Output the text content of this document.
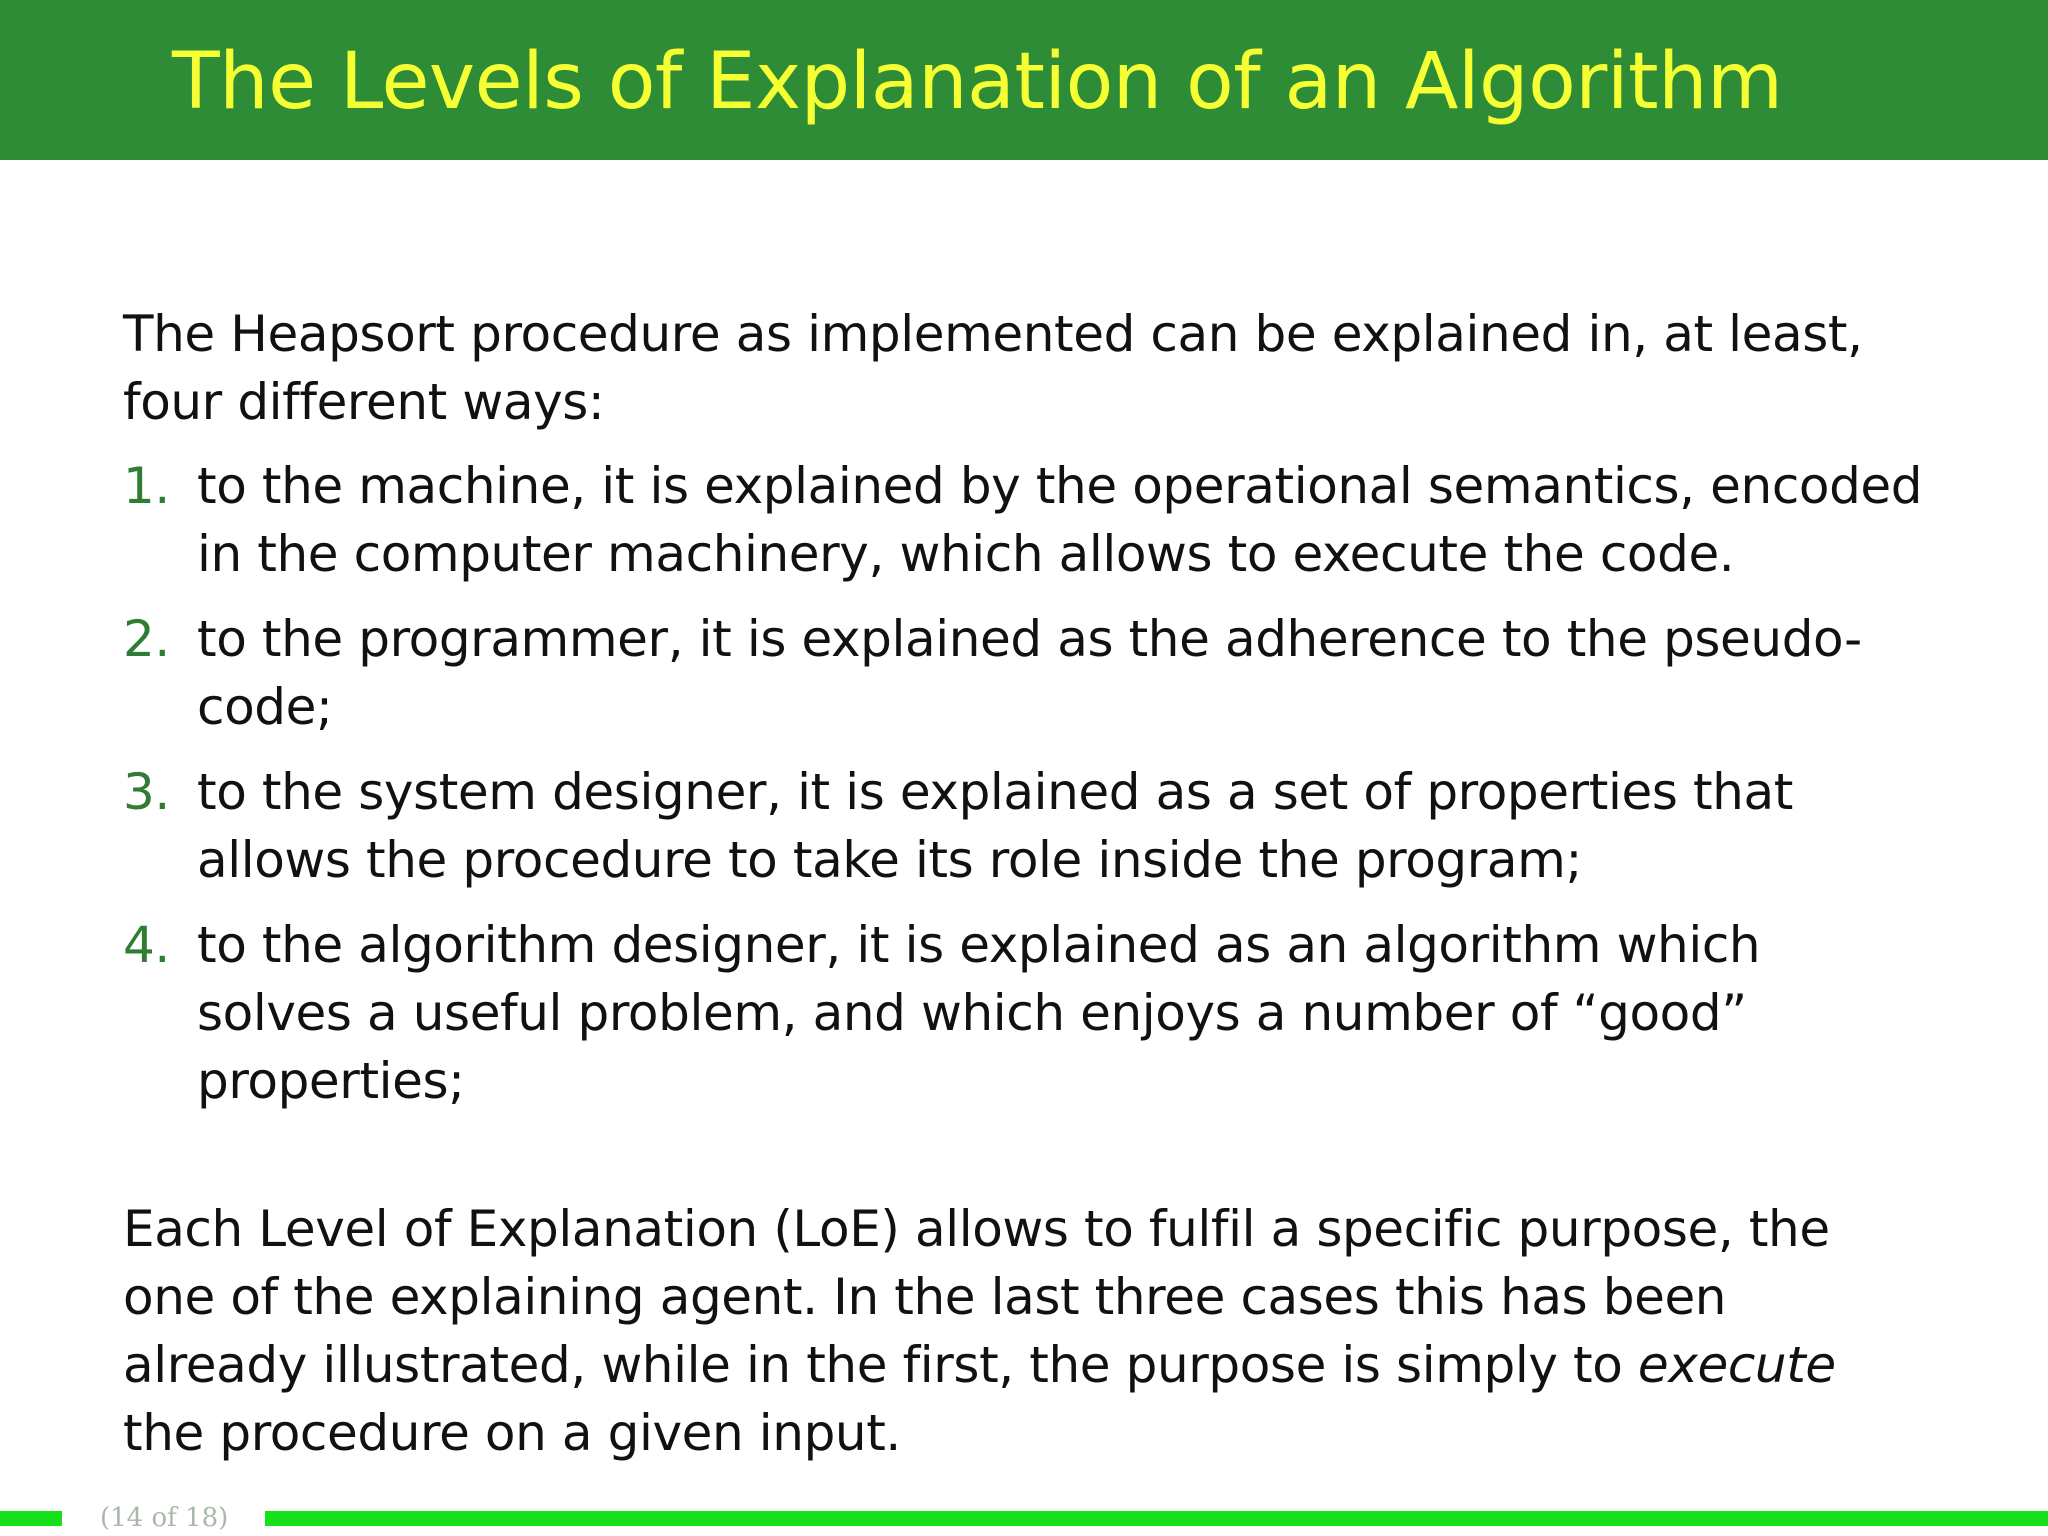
The Levels of Explanation of an Algorithm

The Heapsort procedure as implemented can be explained in, at least, four different ways:

1. to the machine, it is explained by the operational semantics, encoded in the computer machinery, which allows to execute the code.
2. to the programmer, it is explained as the adherence to the pseudo-code;
3. to the system designer, it is explained as a set of properties that allows the procedure to take its role inside the program;
4. to the algorithm designer, it is explained as an algorithm which solves a useful problem, and which enjoys a number of “good” properties;

Each Level of Explanation (LoE) allows to fulfil a specific purpose, the one of the explaining agent. In the last three cases this has been already illustrated, while in the first, the purpose is simply to execute the procedure on a given input.

(14 of 18)
